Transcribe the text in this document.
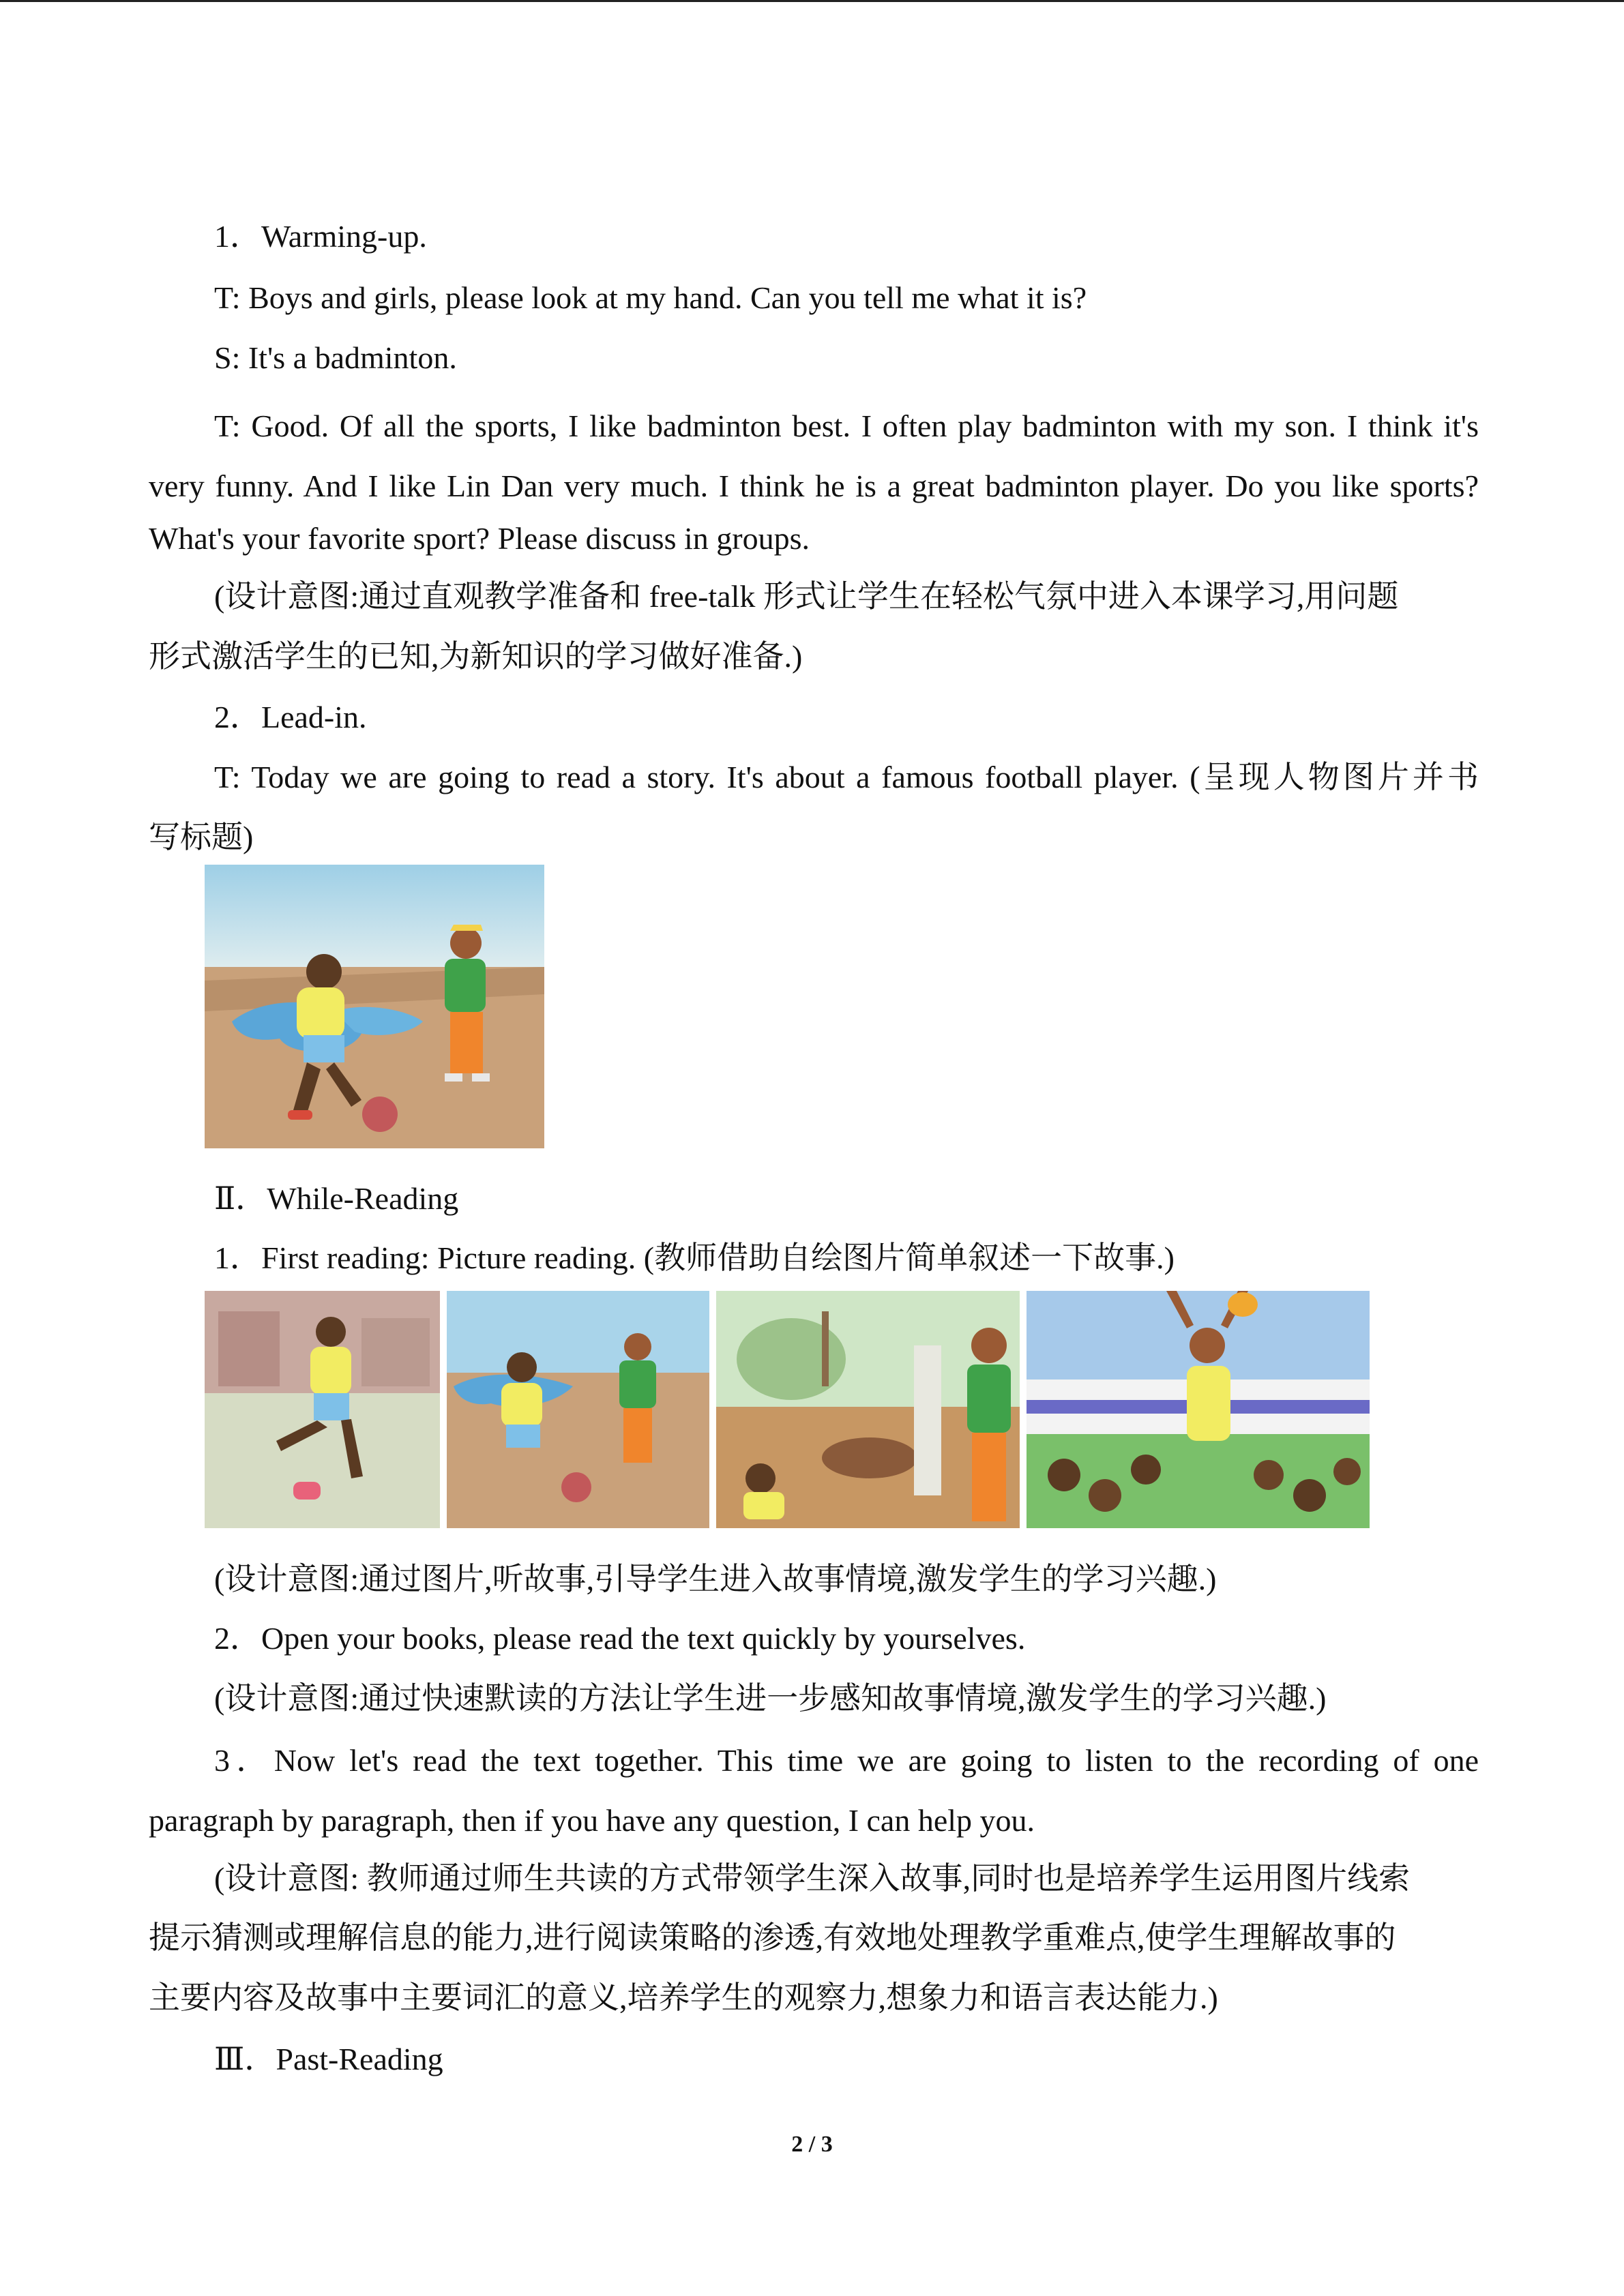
1．Warming-up.
T: Boys and girls, please look at my hand. Can you tell me what it is?
S: It's a badminton.
T: Good. Of all the sports, I like badminton best. I often play badminton with my son. I think it's
very funny. And I like Lin Dan very much. I think he is a great badminton player. Do you like sports?
What's your favorite sport? Please discuss in groups.
(设计意图:通过直观教学准备和 free-talk 形式让学生在轻松气氛中进入本课学习,用问题
形式激活学生的已知,为新知识的学习做好准备.)
2．Lead-in.
T: Today we are going to read a story. It's about a famous football player. (呈现人物图片并书
写标题)
Ⅱ．While-Reading
1．First reading: Picture reading. (教师借助自绘图片简单叙述一下故事.)
(设计意图:通过图片,听故事,引导学生进入故事情境,激发学生的学习兴趣.)
2．Open your books, please read the text quickly by yourselves.
(设计意图:通过快速默读的方法让学生进一步感知故事情境,激发学生的学习兴趣.)
3．Now let's read the text together. This time we are going to listen to the recording of one
paragraph by paragraph, then if you have any question, I can help you.
(设计意图: 教师通过师生共读的方式带领学生深入故事,同时也是培养学生运用图片线索
提示猜测或理解信息的能力,进行阅读策略的渗透,有效地处理教学重难点,使学生理解故事的
主要内容及故事中主要词汇的意义,培养学生的观察力,想象力和语言表达能力.)
Ⅲ．Past-Reading
2 / 3
